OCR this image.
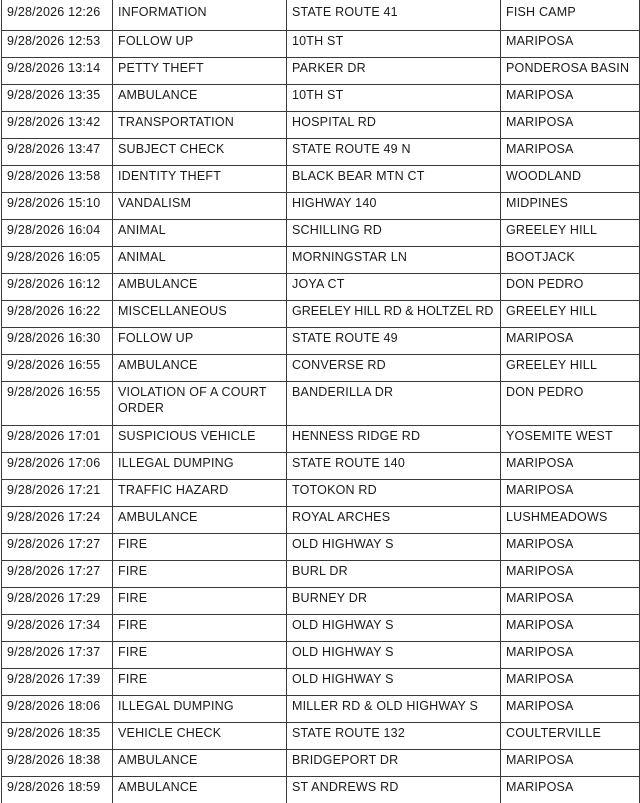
9/28/2026 12:26	INFORMATION	STATE ROUTE 41	FISH CAMP
9/28/2026 12:53	FOLLOW UP	10TH ST	MARIPOSA
9/28/2026 13:14	PETTY THEFT	PARKER DR	PONDEROSA BASIN
9/28/2026 13:35	AMBULANCE	10TH ST	MARIPOSA
9/28/2026 13:42	TRANSPORTATION	HOSPITAL RD	MARIPOSA
9/28/2026 13:47	SUBJECT CHECK	STATE ROUTE 49 N	MARIPOSA
9/28/2026 13:58	IDENTITY THEFT	BLACK BEAR MTN CT	WOODLAND
9/28/2026 15:10	VANDALISM	HIGHWAY 140	MIDPINES
9/28/2026 16:04	ANIMAL	SCHILLING RD	GREELEY HILL
9/28/2026 16:05	ANIMAL	MORNINGSTAR LN	BOOTJACK
9/28/2026 16:12	AMBULANCE	JOYA CT	DON PEDRO
9/28/2026 16:22	MISCELLANEOUS	GREELEY HILL RD & HOLTZEL RD	GREELEY HILL
9/28/2026 16:30	FOLLOW UP	STATE ROUTE 49	MARIPOSA
9/28/2026 16:55	AMBULANCE	CONVERSE RD	GREELEY HILL
9/28/2026 16:55	VIOLATION OF A COURT ORDER	BANDERILLA DR	DON PEDRO
9/28/2026 17:01	SUSPICIOUS VEHICLE	HENNESS RIDGE RD	YOSEMITE WEST
9/28/2026 17:06	ILLEGAL DUMPING	STATE ROUTE 140	MARIPOSA
9/28/2026 17:21	TRAFFIC HAZARD	TOTOKON RD	MARIPOSA
9/28/2026 17:24	AMBULANCE	ROYAL ARCHES	LUSHMEADOWS
9/28/2026 17:27	FIRE	OLD HIGHWAY S	MARIPOSA
9/28/2026 17:27	FIRE	BURL DR	MARIPOSA
9/28/2026 17:29	FIRE	BURNEY DR	MARIPOSA
9/28/2026 17:34	FIRE	OLD HIGHWAY S	MARIPOSA
9/28/2026 17:37	FIRE	OLD HIGHWAY S	MARIPOSA
9/28/2026 17:39	FIRE	OLD HIGHWAY S	MARIPOSA
9/28/2026 18:06	ILLEGAL DUMPING	MILLER RD & OLD HIGHWAY S	MARIPOSA
9/28/2026 18:35	VEHICLE CHECK	STATE ROUTE 132	COULTERVILLE
9/28/2026 18:38	AMBULANCE	BRIDGEPORT DR	MARIPOSA
9/28/2026 18:59	AMBULANCE	ST ANDREWS RD	MARIPOSA
